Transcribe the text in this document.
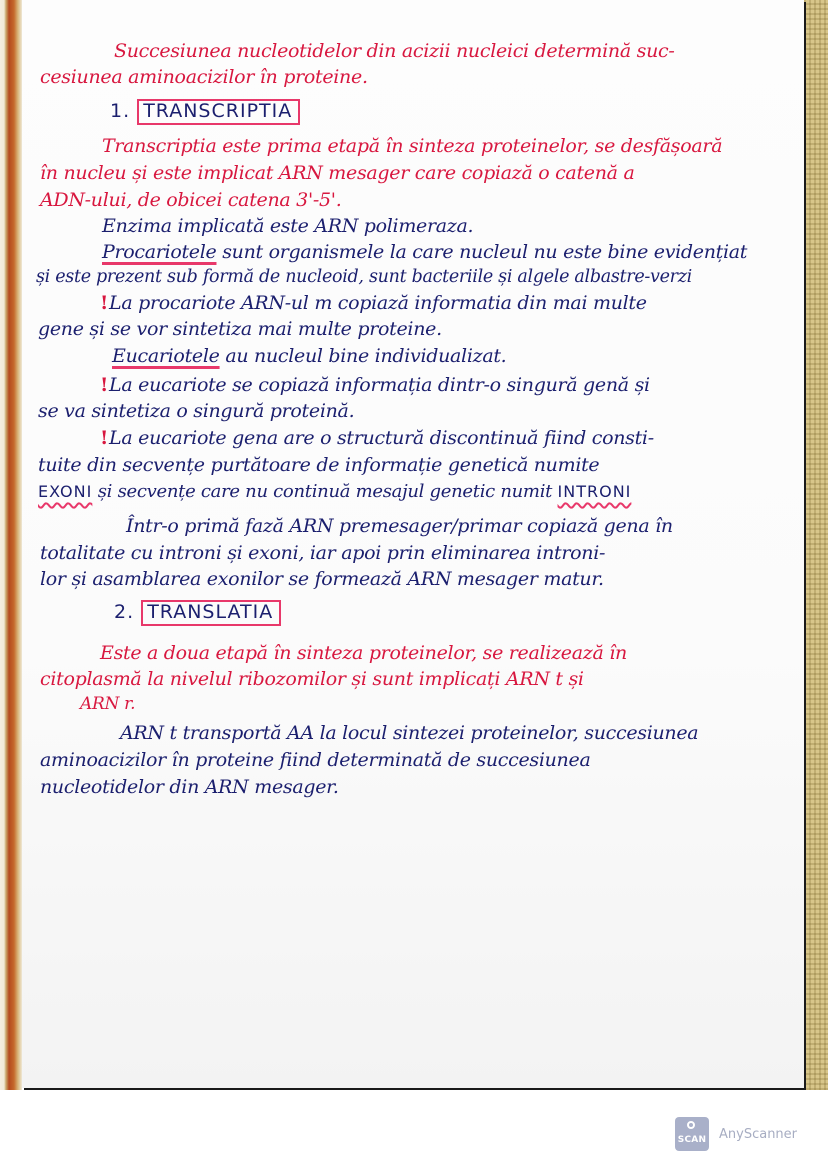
Succesiunea nucleotidelor din acizii nucleici determină suc-
cesiunea aminoacizilor în proteine.
1. TRANSCRIPTIA
Transcriptia este prima etapă în sinteza proteinelor, se desfășoară
în nucleu și este implicat ARN mesager care copiază o catenă a
ADN-ului, de obicei catena 3'-5'.
Enzima implicată este ARN polimeraza.
Procariotele sunt organismele la care nucleul nu este bine evidențiat
și este prezent sub formă de nucleoid, sunt bacteriile și algele albastre-verzi
!La procariote ARN-ul m copiază informatia din mai multe
gene și se vor sintetiza mai multe proteine.
Eucariotele au nucleul bine individualizat.
!La eucariote se copiază informația dintr-o singură genă și
se va sintetiza o singură proteină.
!La eucariote gena are o structură discontinuă fiind consti-
tuite din secvențe purtătoare de informație genetică numite
EXONI și secvențe care nu continuă mesajul genetic numit INTRONI
Într-o primă fază ARN premesager/primar copiază gena în
totalitate cu introni și exoni, iar apoi prin eliminarea introni-
lor și asamblarea exonilor se formează ARN mesager matur.
2. TRANSLATIA
Este a doua etapă în sinteza proteinelor, se realizează în
citoplasmă la nivelul ribozomilor și sunt implicați ARN t și
ARN r.
ARN t transportă AA la locul sintezei proteinelor, succesiunea
aminoacizilor în proteine fiind determinată de succesiunea
nucleotidelor din ARN mesager.
SCAN AnyScanner
